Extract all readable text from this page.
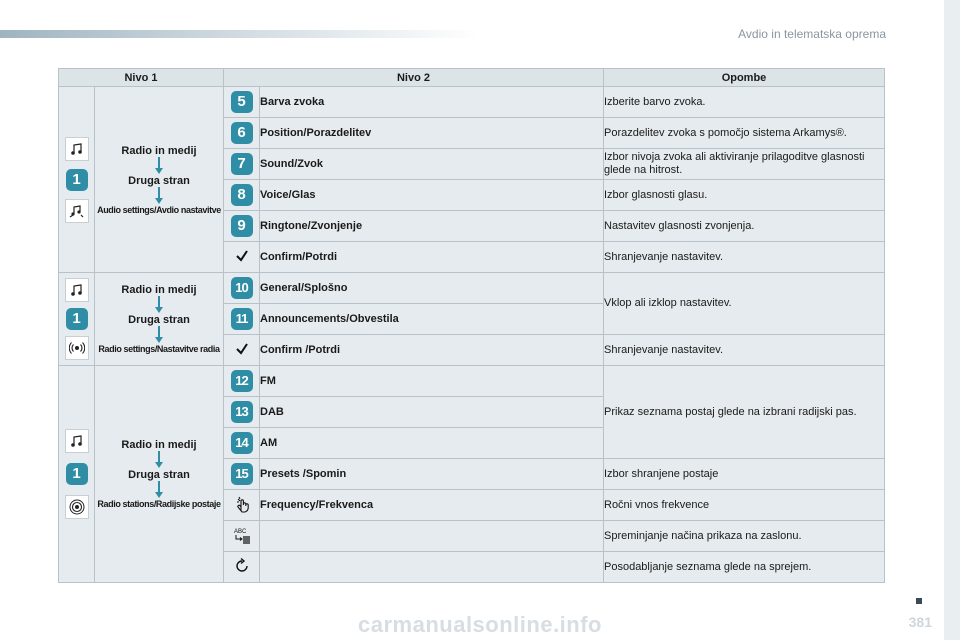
Avdio in telematska oprema
Nivo 1		Nivo 2		Opombe

1	Radio in medij
Druga stran
Audio settings/Avdio nastavitve	5	Barva zvoka	Izberite barvo zvoka.
		6	Position/Porazdelitev	Porazdelitev zvoka s pomočjo sistema Arkamys®.
		7	Sound/Zvok	Izbor nivoja zvoka ali aktiviranje prilagoditve glasnosti glede na hitrost.
		8	Voice/Glas	Izbor glasnosti glasu.
		9	Ringtone/Zvonjenje	Nastavitev glasnosti zvonjenja.
	Confirm/Potrdi	Shranjevanje nastavitev.

1	Radio in medij
Druga stran
Radio settings/Nastavitve radia	10	General/Splošno	Vklop ali izklop nastavitev.
		11	Announcements/Obvestila	
	Confirm /Potrdi	Shranjevanje nastavitev.

1	Radio in medij
Druga stran
Radio stations/Radijske postaje	12	FM	Prikaz seznama postaj glede na izbrani radijski pas.
		13	DAB	
		14	AM	
		15	Presets /Spomin	Izbor shranjene postaje
	Frequency/Frekvenca	Ročni vnos frekvence

ABC		Spreminjanje načina prikaza na zaslonu.
		Posodabljanje seznama glede na sprejem.
381
carmanualsonline.info
